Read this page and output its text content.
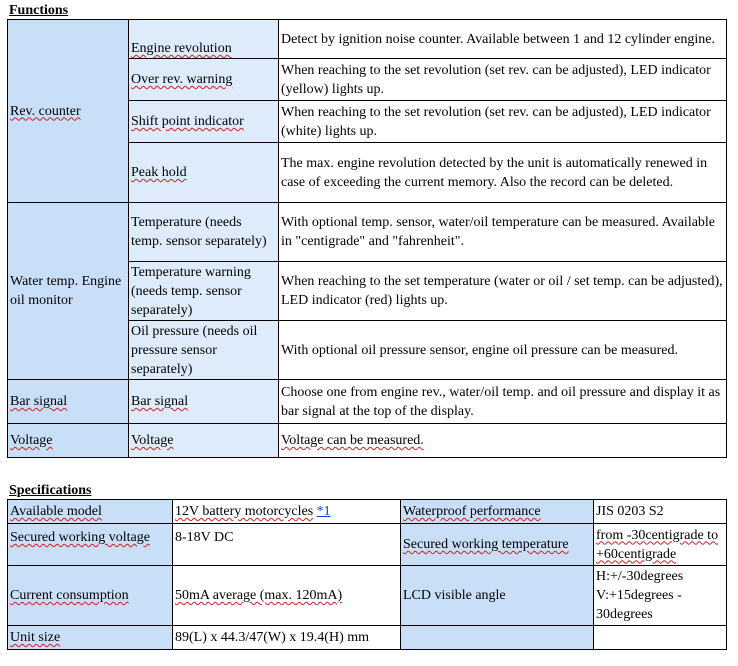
Functions
Rev. counter	Engine revolution	Detect by ignition noise counter. Available between 1 and 12 cylinder engine.
	Over rev. warning	When reaching to the set revolution (set rev. can be adjusted), LED indicator (yellow) lights up.
	Shift point indicator	When reaching to the set revolution (set rev. can be adjusted), LED indicator (white) lights up.
	Peak hold	The max. engine revolution detected by the unit is automatically renewed in case of exceeding the current memory. Also the record can be deleted.
Water temp. Engine oil monitor	Temperature (needs temp. sensor separately)	With optional temp. sensor, water/oil temperature can be measured. Available in "centigrade" and "fahrenheit".
	Temperature warning (needs temp. sensor separately)	When reaching to the set temperature (water or oil / set temp. can be adjusted), LED indicator (red) lights up.
	Oil pressure (needs oil pressure sensor separately)	With optional oil pressure sensor, engine oil pressure can be measured.
Bar signal	Bar signal	Choose one from engine rev., water/oil temp. and oil pressure and display it as bar signal at the top of the display.
Voltage	Voltage	Voltage can be measured.
Specifications
Available model	12V battery motorcycles *1	Waterproof performance	JIS 0203 S2
Secured working voltage	8-18V DC	Secured working temperature	from -30centigrade to +60centigrade
Current consumption	50mA average (max. 120mA)	LCD visible angle	H:+/-30degrees V:+15degrees - 30degrees
Unit size	89(L) x 44.3/47(W) x 19.4(H) mm		
